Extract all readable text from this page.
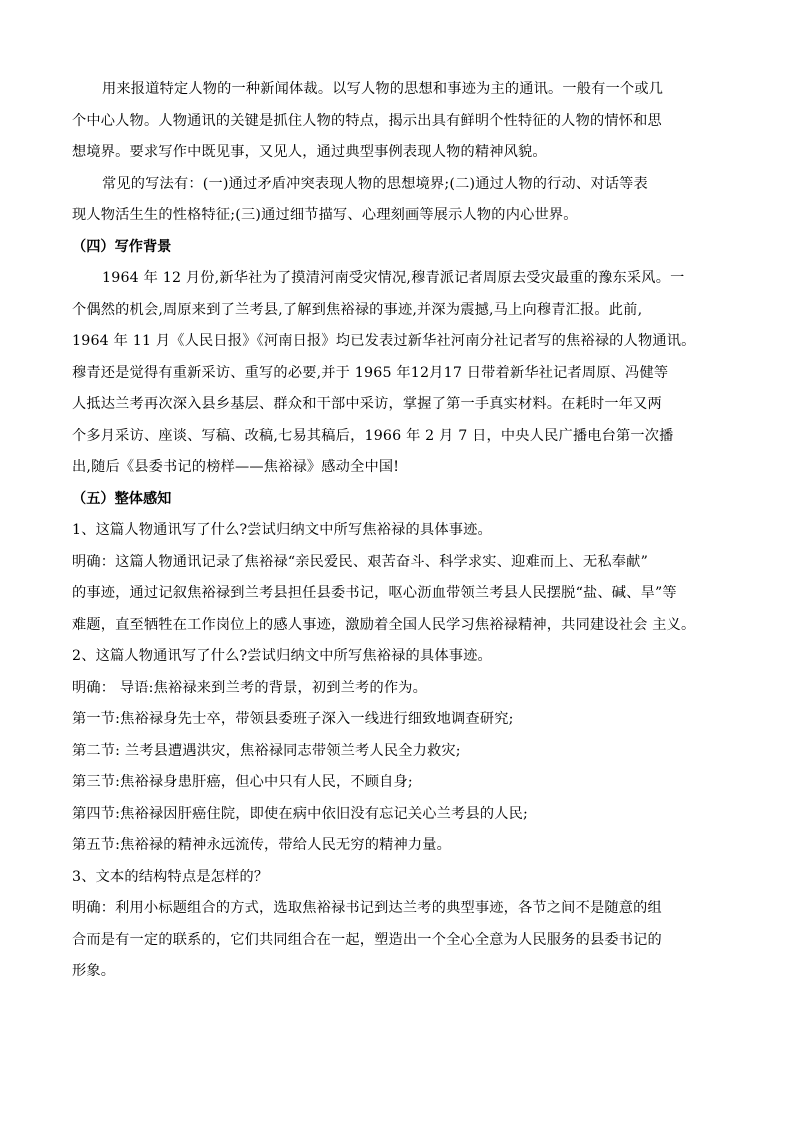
用来报道特定人物的一种新闻体裁。以写人物的思想和事迹为主的通讯。一般有一个或几
个中心人物。人物通讯的关键是抓住人物的特点，揭示出具有鲜明个性特征的人物的情怀和思
想境界。要求写作中既见事，又见人，通过典型事例表现人物的精神风貌。
常见的写法有：(一)通过矛盾冲突表现人物的思想境界;(二)通过人物的行动、对话等表
现人物活生生的性格特征;(三)通过细节描写、心理刻画等展示人物的内心世界。
（四）写作背景
1964 年 12 月份,新华社为了摸清河南受灾情况,穆青派记者周原去受灾最重的豫东采风。一
个偶然的机会,周原来到了兰考县,了解到焦裕禄的事迹,并深为震撼,马上向穆青汇报。此前,
1964 年 11 月《人民日报》《河南日报》均已发表过新华社河南分社记者写的焦裕禄的人物通讯。
穆青还是觉得有重新采访、重写的必要,并于 1965 年12月17 日带着新华社记者周原、冯健等
人抵达兰考再次深入县乡基层、群众和干部中采访，掌握了第一手真实材料。在耗时一年又两
个多月采访、座谈、写稿、改稿,七易其稿后，1966 年 2 月 7 日，中央人民广播电台第一次播
出,随后《县委书记的榜样——焦裕禄》感动全中国!
（五）整体感知
1、这篇人物通讯写了什么?尝试归纳文中所写焦裕禄的具体事迹。
明确：这篇人物通讯记录了焦裕禄“亲民爱民、艰苦奋斗、科学求实、迎难而上、无私奉献”
的事迹，通过记叙焦裕禄到兰考县担任县委书记，呕心沥血带领兰考县人民摆脱“盐、碱、旱”等
难题，直至牺牲在工作岗位上的感人事迹，激励着全国人民学习焦裕禄精神，共同建设社会 主义。
2、这篇人物通讯写了什么?尝试归纳文中所写焦裕禄的具体事迹。
明确： 导语:焦裕禄来到兰考的背景，初到兰考的作为。
第一节:焦裕禄身先士卒，带领县委班子深入一线进行细致地调查研究;
第二节: 兰考县遭遇洪灾，焦裕禄同志带领兰考人民全力救灾;
第三节:焦裕禄身患肝癌，但心中只有人民，不顾自身;
第四节:焦裕禄因肝癌住院，即使在病中依旧没有忘记关心兰考县的人民;
第五节:焦裕禄的精神永远流传，带给人民无穷的精神力量。
3、文本的结构特点是怎样的？
明确：利用小标题组合的方式，选取焦裕禄书记到达兰考的典型事迹，各节之间不是随意的组
合而是有一定的联系的，它们共同组合在一起，塑造出一个全心全意为人民服务的县委书记的
形象。
